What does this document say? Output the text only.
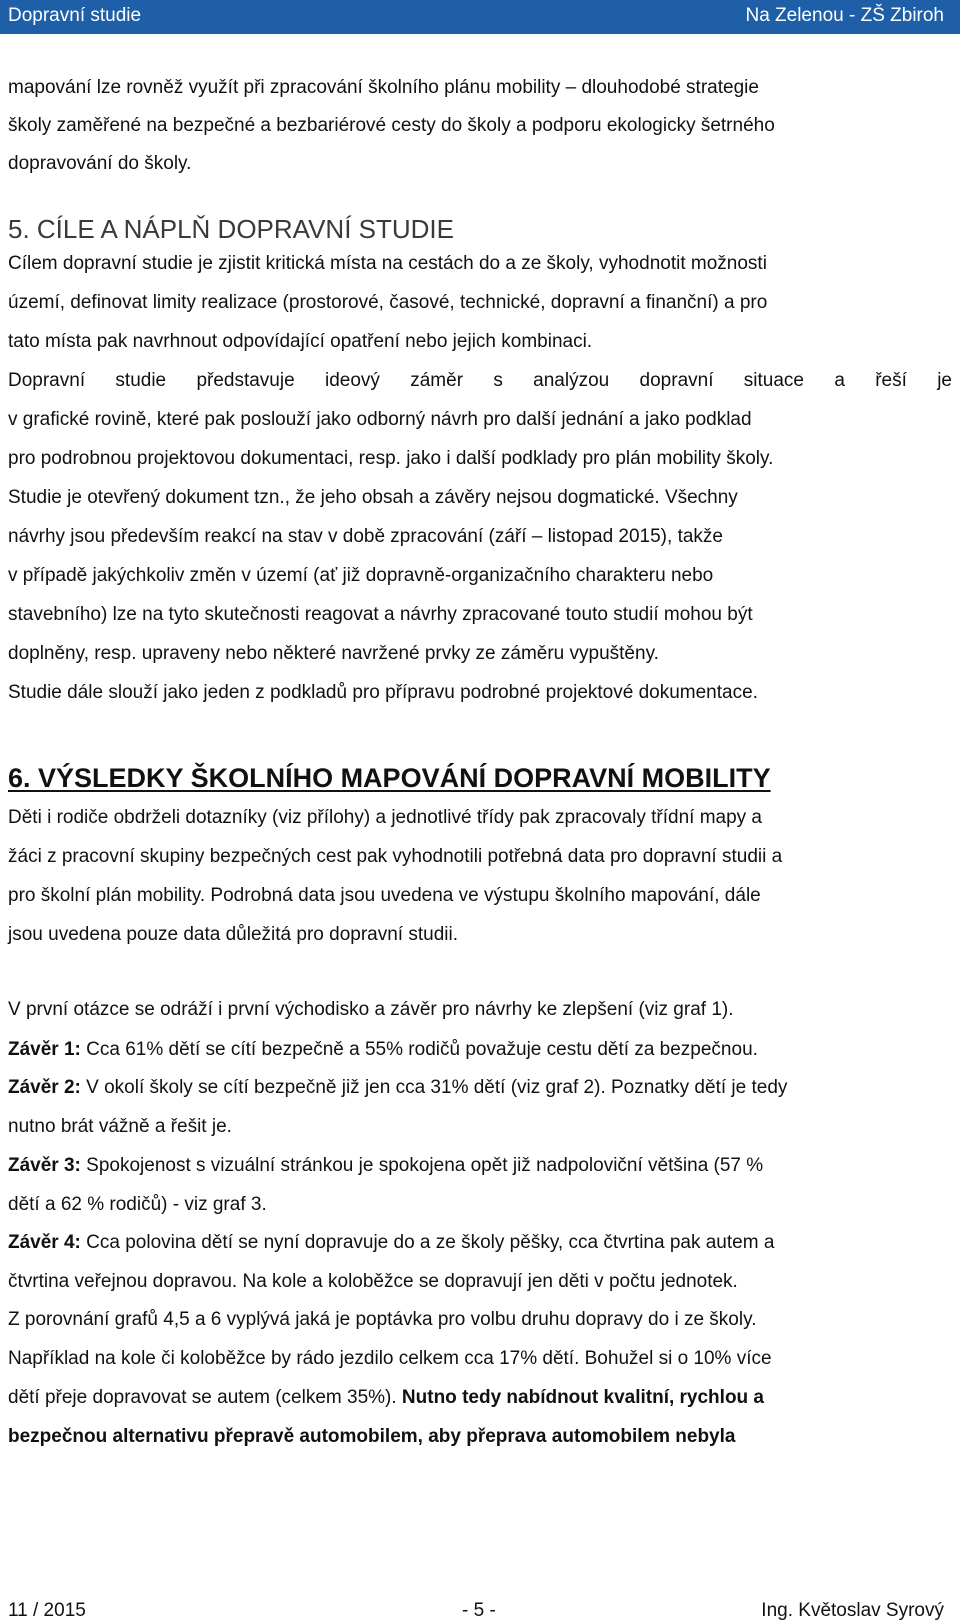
Dopravní studie	Na Zelenou - ZŠ Zbiroh
mapování lze rovněž využít při zpracování školního plánu mobility – dlouhodobé strategie
školy zaměřené na bezpečné a bezbariérové cesty do školy a podporu ekologicky šetrného
dopravování do školy.
5. CÍLE A NÁPLŇ DOPRAVNÍ STUDIE
Cílem dopravní studie je zjistit kritická místa na cestách do a ze školy, vyhodnotit možnosti
území, definovat limity realizace (prostorové, časové, technické, dopravní a finanční) a pro
tato místa pak navrhnout odpovídající opatření nebo jejich kombinaci.
Dopravní studie představuje ideový záměr s analýzou dopravní situace a řeší je
v grafické rovině, které pak poslouží jako odborný návrh pro další jednání a jako podklad
pro podrobnou projektovou dokumentaci, resp. jako i další podklady pro plán mobility školy.
Studie je otevřený dokument tzn., že jeho obsah a závěry nejsou dogmatické. Všechny
návrhy jsou především reakcí na stav v době zpracování (září – listopad 2015), takže
v případě jakýchkoliv změn v území (ať již dopravně-organizačního charakteru nebo
stavebního) lze na tyto skutečnosti reagovat a návrhy zpracované touto studií mohou být
doplněny, resp. upraveny nebo některé navržené prvky ze záměru vypuštěny.
Studie dále slouží jako jeden z podkladů pro přípravu podrobné projektové dokumentace.
6. VÝSLEDKY ŠKOLNÍHO MAPOVÁNÍ DOPRAVNÍ MOBILITY
Děti i rodiče obdrželi dotazníky (viz přílohy) a jednotlivé třídy pak zpracovaly třídní mapy a
žáci z pracovní skupiny bezpečných cest pak vyhodnotili potřebná data pro dopravní studii a
pro školní plán mobility. Podrobná data jsou uvedena ve výstupu školního mapování, dále
jsou uvedena pouze data důležitá pro dopravní studii.
V první otázce se odráží i první východisko a závěr pro návrhy ke zlepšení (viz graf 1).
Závěr 1: Cca 61% dětí se cítí bezpečně a 55% rodičů považuje cestu dětí za bezpečnou.
Závěr 2: V okolí školy se cítí bezpečně již jen cca 31% dětí (viz graf 2). Poznatky dětí je tedy
nutno brát vážně a řešit je.
Závěr 3: Spokojenost s vizuální stránkou je spokojena opět již nadpoloviční většina (57 %
dětí a 62 % rodičů) - viz graf 3.
Závěr 4: Cca polovina dětí se nyní dopravuje do a ze školy pěšky, cca čtvrtina pak autem a
čtvrtina veřejnou dopravou. Na kole a koloběžce se dopravují jen děti v počtu jednotek.
Z porovnání grafů 4,5 a 6 vyplývá jaká je poptávka pro volbu druhu dopravy do i ze školy.
Například na kole či koloběžce by rádo jezdilo celkem cca 17% dětí. Bohužel si o 10% více
dětí přeje dopravovat se autem (celkem 35%). Nutno tedy nabídnout kvalitní, rychlou a
bezpečnou alternativu přepravě automobilem, aby přeprava automobilem nebyla
11 / 2015	- 5 -	Ing. Květoslav Syrový
